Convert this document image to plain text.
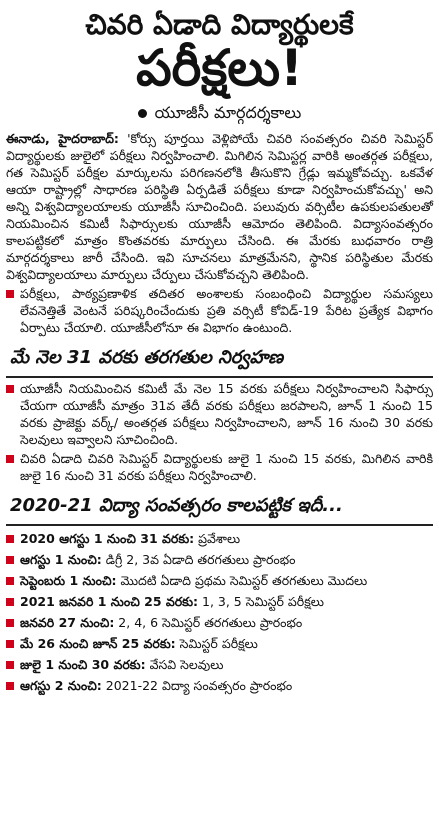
చివరి ఏడాది విద్యార్థులకే
పరీక్షలు!
యూజీసీ మార్గదర్శకాలు

ఈనాడు, హైదరాబాద్: 'కోర్సు పూర్తయి వెళ్లిపోయే చివరి సంవత్సరం చివరి సెమిస్టర్ విద్యార్థులకు జులైలో పరీక్షలు నిర్వహించాలి. మిగిలిన సెమిస్టర్ల వారికి అంతర్గత పరీక్షలు, గత సెమిస్టర్ పరీక్షల మార్కులను పరిగణనలోకి తీసుకొని గ్రేడ్లు ఇమ్మకోవచ్చు. ఒకవేళ ఆయా రాష్ట్రాల్లో సాధారణ పరిస్థితి ఏర్పడితే పరీక్షలు కూడా నిర్వహించుకోవచ్చు' అని అన్ని విశ్వవిద్యాలయాలకు యూజీసీ సూచించింది. పలువురు వర్సిటీల ఉపకులపతులతో నియమించిన కమిటీ సిఫార్సులకు యూజీసీ ఆమోదం తెలిపింది. విద్యాసంవత్సరం కాలపట్టికలో మాత్రం కొంతవరకు మార్పులు చేసింది. ఈ మేరకు బుధవారం రాత్రి మార్గదర్శకాలు జారీ చేసింది. ఇవి సూచనలు మాత్రమేనని, స్థానిక పరిస్థితుల మేరకు విశ్వవిద్యాలయాలు మార్పులు చేర్పులు చేసుకోవచ్చని తెలిపింది.

పరీక్షలు, పాఠ్యప్రణాళిక తదితర అంశాలకు సంబంధించి విద్యార్థుల సమస్యలు లేవనెత్తితే వెంటనే పరిష్కరించేందుకు ప్రతి వర్సిటీ కోవిడ్-19 పేరిట ప్రత్యేక విభాగం ఏర్పాటు చేయాలి. యూజీసీలోనూ ఈ విభాగం ఉంటుంది.
మే నెల 31 వరకు తరగతుల నిర్వహణ
యూజీసీ నియమించిన కమిటీ మే నెల 15 వరకు పరీక్షలు నిర్వహించాలని సిఫార్సు చేయగా యూజీసీ మాత్రం 31వ తేదీ వరకు పరీక్షలు జరపాలని, జూన్ 1 నుంచి 15 వరకు ప్రాజెక్టు వర్క్/ అంతర్గత పరీక్షలు నిర్వహించాలని, జూన్ 16 నుంచి 30 వరకు సెలవులు ఇవ్వాలని సూచించింది.
చివరి ఏడాది చివరి సెమిస్టర్ విద్యార్థులకు జులై 1 నుంచి 15 వరకు, మిగిలిన వారికి జులై 16 నుంచి 31 వరకు పరీక్షలు నిర్వహించాలి.
2020-21 విద్యా సంవత్సరం కాలపట్టిక ఇదీ...
2020 ఆగస్టు 1 నుంచి 31 వరకు: ప్రవేశాలు
ఆగస్టు 1 నుంచి: డిగ్రీ 2, 3వ ఏడాది తరగతులు ప్రారంభం
సెప్టెంబరు 1 నుంచి: మొదటి ఏడాది ప్రథమ సెమిస్టర్ తరగతులు మొదలు
2021 జనవరి 1 నుంచి 25 వరకు: 1, 3, 5 సెమిస్టర్ పరీక్షలు
జనవరి 27 నుంచి: 2, 4, 6 సెమిస్టర్ తరగతులు ప్రారంభం
మే 26 నుంచి జూన్ 25 వరకు: సెమిస్టర్ పరీక్షలు
జులై 1 నుంచి 30 వరకు: వేసవి సెలవులు
ఆగస్టు 2 నుంచి: 2021-22 విద్యా సంవత్సరం ప్రారంభం
